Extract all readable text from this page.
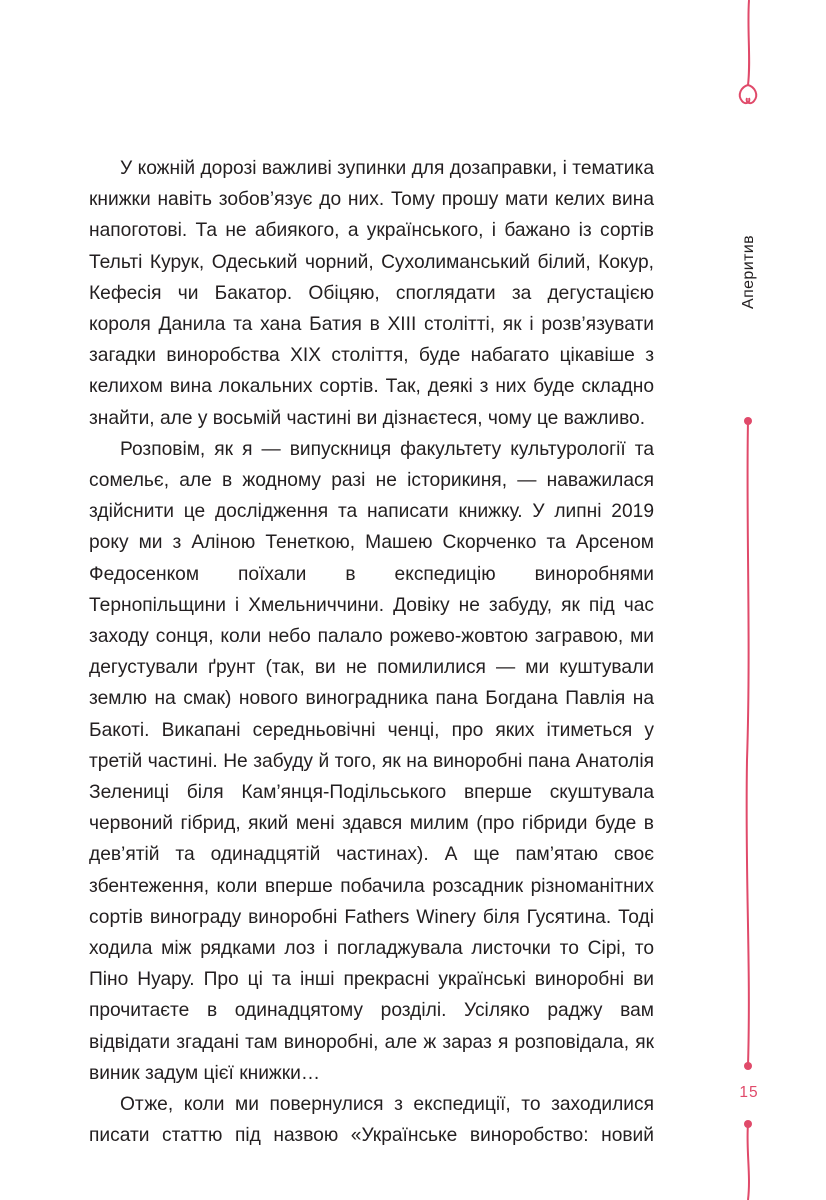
Аперитив

У кожній дорозі важливі зупинки для дозаправки, і тематика книжки навіть зобов’язує до них. Тому прошу мати келих вина напоготові. Та не абиякого, а українського, і бажано із сортів Тельті Курук, Одеський чорний, Сухолиманський білий, Кокур, Кефесія чи Бакатор. Обіцяю, споглядати за дегустацією короля Данила та хана Батия в XIII столітті, як і розв’язувати загадки виноробства XIX століття, буде набагато цікавіше з келихом вина локальних сортів. Так, деякі з них буде складно знайти, але у восьмій частині ви дізнаєтеся, чому це важливо.

Розповім, як я — випускниця факультету культурології та сомельє, але в жодному разі не історикиня, — наважилася здійснити це дослідження та написати книжку. У липні 2019 року ми з Аліною Тенеткою, Машею Скорченко та Арсеном Федосенком поїхали в експедицію виноробнями Тернопільщини і Хмельниччини. Довіку не забуду, як під час заходу сонця, коли небо палало рожево-жовтою загравою, ми дегустували ґрунт (так, ви не помилилися — ми куштували землю на смак) нового виноградника пана Богдана Павлія на Бакоті. Викапані середньовічні ченці, про яких ітиметься у третій частині. Не забуду й того, як на виноробні пана Анатолія Зелениці біля Кам’янця-Подільського вперше скуштувала червоний гібрид, який мені здався милим (про гібриди буде в дев’ятій та одинадцятій частинах). А ще пам’ятаю своє збентеження, коли вперше побачила розсадник різноманітних сортів винограду виноробні Fathers Winery біля Гусятина. Тоді ходила між рядками лоз і погладжувала листочки то Сірі, то Піно Нуару. Про ці та інші прекрасні українські виноробні ви прочитаєте в одинадцятому розділі. Усіляко раджу вам відвідати згадані там виноробні, але ж зараз я розповідала, як виник задум цієї книжки…

Отже, коли ми повернулися з експедиції, то заходилися писати статтю під назвою «Українське виноробство: новий

15
